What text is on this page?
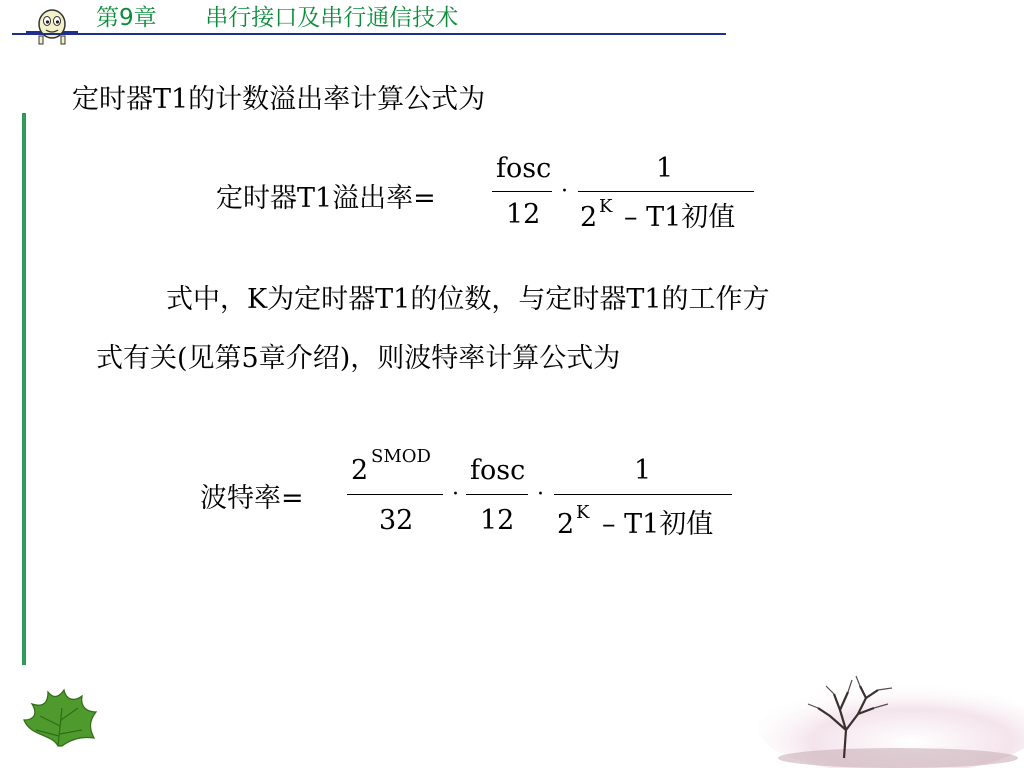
第9章 串行接口及串行通信技术
定时器T1的计数溢出率计算公式为
定时器T1溢出率=
fosc
12
·
1
2 K – T1初值
式中，K为定时器T1的位数，与定时器T1的工作方
式有关(见第5章介绍)，则波特率计算公式为
波特率=
2 SMOD
32
·
fosc
12
·
1
2 K – T1初值
